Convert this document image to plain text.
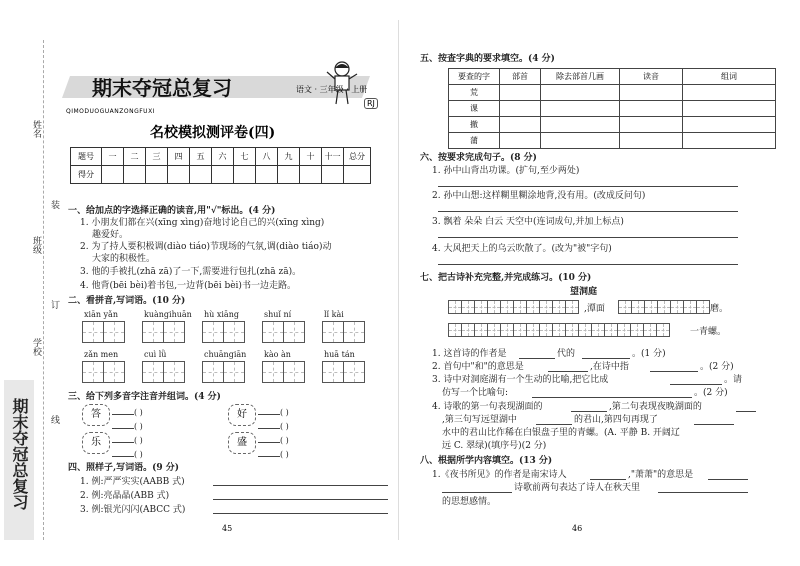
姓名
班级
学校
装
订
线
期末夺冠总复习
期末夺冠总复习	语文 · 三年级 · 上册
RJ
QIMODUOGUANZONGFUXI
名校模拟测评卷(四)
题号	一	二	三	四	五	六	七	八	九	十	十一	总分
得分												
一、给加点的字选择正确的读音,用"√"标出。(4 分)
1. 小朋友们都在兴(xīng xìng)奋地讨论自己的兴(xīng xìng)
趣爱好。
2. 为了持人要积极调(diào tiáo)节现场的气氛,调(diào tiáo)动
大家的积极性。
3. 他的手被扎(zhā zā)了一下,需要进行包扎(zhā zā)。
4. 他背(bēi bèi)着书包,一边背(bēi bèi)书一边走路。
二、看拼音,写词语。(10 分)
xiān yǎn	kuàngihuān hù xiāng	shuǐ ní	lǐ kài
zǎn men	cuì lǜ	chuāngiān kào àn	huā tán
三、给下列多音字注音并组词。(4 分)
答
乐
好
盛
( )
( )
( )
( )
( )
( )
( )
( )
四、照样子,写词语。(9 分)
1. 例:严严实实(AABB 式)
2. 例:亮晶晶(ABB 式)
3. 例:银光闪闪(ABCC 式)
45
五、按查字典的要求填空。(4 分)
要查的字	部首	除去部首几画	读音	组词
荒				
课				
撤				
蒲				
六、按要求完成句子。(8 分)
1. 孙中山背出功课。(扩句,至少两处)
2. 孙中山想:这样糊里糊涂地背,没有用。(改成反问句)
3. 飘着 朵朵 白云 天空中(连词成句,并加上标点)
4. 大风把天上的乌云吹散了。(改为"被"字句)
七、把古诗补充完整,并完成练习。(10 分)
望洞庭
,潭面	磨。
一青螺。
1. 这首诗的作者是	代的	。(1 分)
2. 首句中"和"的意思是	,在诗中指	。(2 分)
3. 诗中对洞庭湖有一个生动的比喻,把它比成	。请
仿写一个比喻句:	。(2 分)
4. 诗歌的第一句表现湖面的	,第二句表现夜晚湖面的
,第三句写远望湖中	的君山,第四句再现了
水中的君山比作稀在白银盘子里的青螺。(A. 平静 B. 开阔辽
远 C. 翠绿)(填序号)(2 分)
八、根据所学内容填空。(13 分)
1.《夜书所见》的作者是南宋诗人	,"萧萧"的意思是
诗歌前两句表达了诗人在秋天里
的思想感情。
46
